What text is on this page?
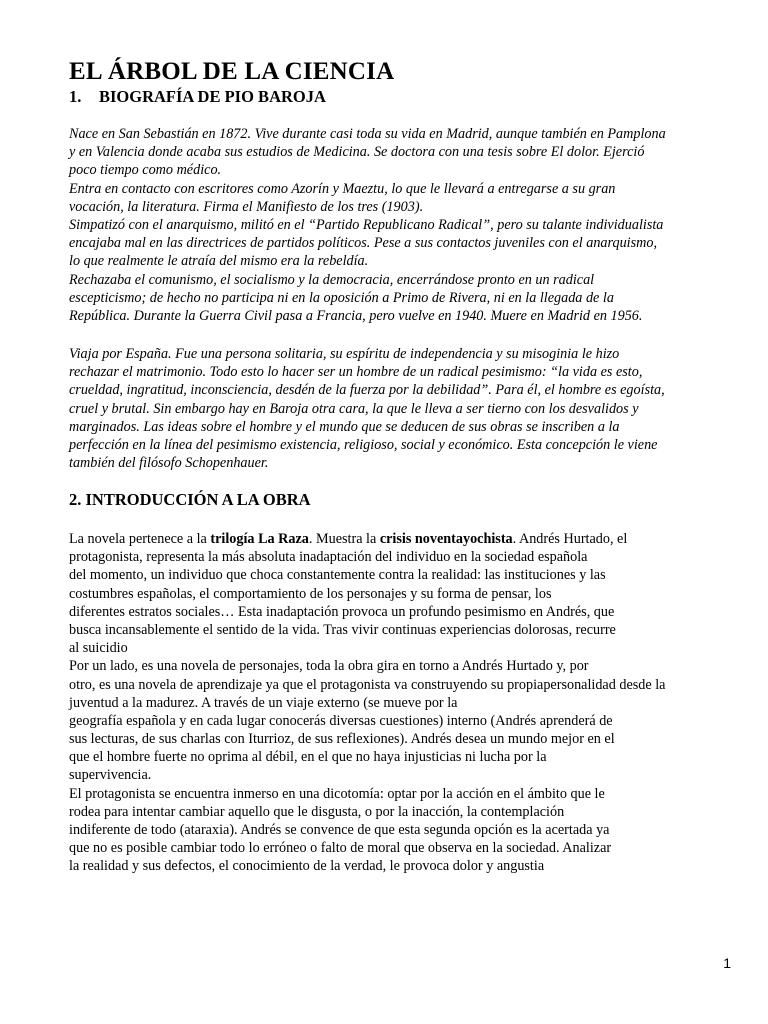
EL ÁRBOL DE LA CIENCIA
1. BIOGRAFÍA DE PIO BAROJA
Nace en San Sebastián en 1872. Vive durante casi toda su vida en Madrid, aunque también en Pamplona
y en Valencia donde acaba sus estudios de Medicina. Se doctora con una tesis sobre El dolor. Ejerció
poco tiempo como médico.
Entra en contacto con escritores como Azorín y Maeztu, lo que le llevará a entregarse a su gran
vocación, la literatura. Firma el Manifiesto de los tres (1903).
Simpatizó con el anarquismo, militó en el “Partido Republicano Radical”, pero su talante individualista
encajaba mal en las directrices de partidos políticos. Pese a sus contactos juveniles con el anarquismo,
lo que realmente le atraía del mismo era la rebeldía.
Rechazaba el comunismo, el socialismo y la democracia, encerrándose pronto en un radical
escepticismo; de hecho no participa ni en la oposición a Primo de Rivera, ni en la llegada de la
República. Durante la Guerra Civil pasa a Francia, pero vuelve en 1940. Muere en Madrid en 1956.
Viaja por España. Fue una persona solitaria, su espíritu de independencia y su misoginia le hizo
rechazar el matrimonio. Todo esto lo hacer ser un hombre de un radical pesimismo: “la vida es esto,
crueldad, ingratitud, inconsciencia, desdén de la fuerza por la debilidad”. Para él, el hombre es egoísta,
cruel y brutal. Sin embargo hay en Baroja otra cara, la que le lleva a ser tierno con los desvalidos y
marginados. Las ideas sobre el hombre y el mundo que se deducen de sus obras se inscriben a la
perfección en la línea del pesimismo existencia, religioso, social y económico. Esta concepción le viene
también del filósofo Schopenhauer.
2. INTRODUCCIÓN A LA OBRA
La novela pertenece a la trilogía La Raza. Muestra la crisis noventayochista. Andrés Hurtado, el
protagonista, representa la más absoluta inadaptación del individuo en la sociedad española
del momento, un individuo que choca constantemente contra la realidad: las instituciones y las
costumbres españolas, el comportamiento de los personajes y su forma de pensar, los
diferentes estratos sociales… Esta inadaptación provoca un profundo pesimismo en Andrés, que
busca incansablemente el sentido de la vida. Tras vivir continuas experiencias dolorosas, recurre
al suicidio
Por un lado, es una novela de personajes, toda la obra gira en torno a Andrés Hurtado y, por
otro, es una novela de aprendizaje ya que el protagonista va construyendo su propiapersonalidad desde la
juventud a la madurez. A través de un viaje externo (se mueve por la
geografía española y en cada lugar conocerás diversas cuestiones) interno (Andrés aprenderá de
sus lecturas, de sus charlas con Iturrioz, de sus reflexiones). Andrés desea un mundo mejor en el
que el hombre fuerte no oprima al débil, en el que no haya injusticias ni lucha por la
supervivencia.
El protagonista se encuentra inmerso en una dicotomía: optar por la acción en el ámbito que le
rodea para intentar cambiar aquello que le disgusta, o por la inacción, la contemplación
indiferente de todo (ataraxia). Andrés se convence de que esta segunda opción es la acertada ya
que no es posible cambiar todo lo erróneo o falto de moral que observa en la sociedad. Analizar
la realidad y sus defectos, el conocimiento de la verdad, le provoca dolor y angustia
1
